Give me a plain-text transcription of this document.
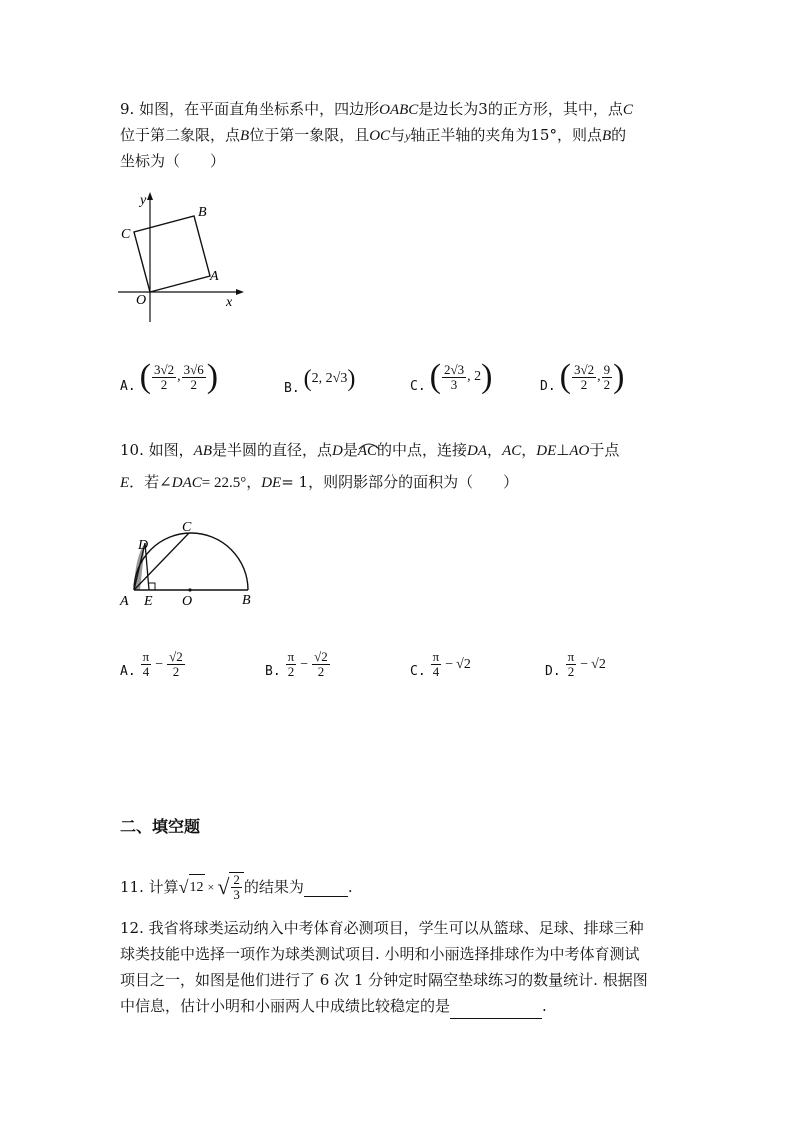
9. 如图，在平面直角坐标系中，四边形OABC是边长为3的正方形，其中，点C
位于第二象限，点B位于第一象限，且OC与y轴正半轴的夹角为15°，则点B的
坐标为（　　）
y
x
O
A
B
C
A. ( $\frac{3√2}{2}$ , $\frac{3√6}{2}$ )	B. ( 2 , 2√3 )	C. ( $\frac{2√3}{3}$ , 2 )	D. ( $\frac{3√2}{2}$ , $\frac{9}{2}$ )
10. 如图，AB是半圆的直径，点D是AC
的中点，连接DA，AC，DE⊥AO于点
E．若∠DAC= 22.5°，DE= 1，则阴影部分的面积为（　　）
A E O	B
C
D
A. $\frac{\pi}{4} - \frac{√2}{2}$	B. $\frac{\pi}{2} - \frac{√2}{2}$	C. $\frac{\pi}{4} - √2$	D. $\frac{\pi}{2} - √2$
二、填空题
11.
计算 √ 12 × √ $\frac{2}{3}$ 的结果为	.
12. 我省将球类运动纳入中考体育必测项目，学生可以从篮球、足球、排球三种
球类技能中选择一项作为球类测试项目. 小明和小丽选择排球作为中考体育测试
项目之一，如图是他们进行了 6 次 1 分钟定时隔空垫球练习的数量统计. 根据图
中信息，估计小明和小丽两人中成绩比较稳定的是	.
